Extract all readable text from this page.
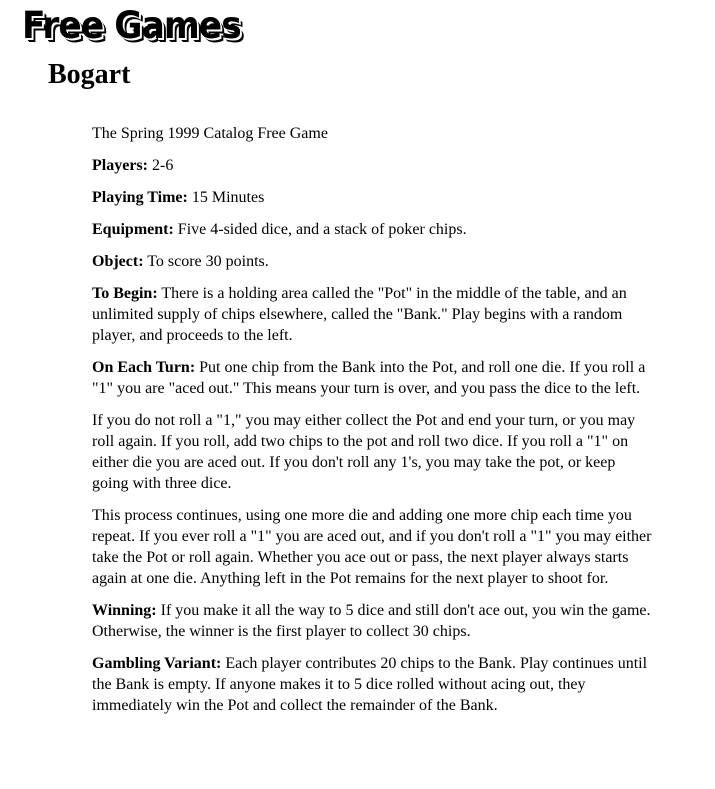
Free Games
Bogart

The Spring 1999 Catalog Free Game

Players: 2-6

Playing Time: 15 Minutes

Equipment: Five 4-sided dice, and a stack of poker chips.

Object: To score 30 points.

To Begin: There is a holding area called the "Pot" in the middle of the table, and an unlimited supply of chips elsewhere, called the "Bank." Play begins with a random player, and proceeds to the left.

On Each Turn: Put one chip from the Bank into the Pot, and roll one die. If you roll a "1" you are "aced out." This means your turn is over, and you pass the dice to the left.

If you do not roll a "1," you may either collect the Pot and end your turn, or you may roll again. If you roll, add two chips to the pot and roll two dice. If you roll a "1" on either die you are aced out. If you don't roll any 1's, you may take the pot, or keep going with three dice.

This process continues, using one more die and adding one more chip each time you repeat. If you ever roll a "1" you are aced out, and if you don't roll a "1" you may either take the Pot or roll again. Whether you ace out or pass, the next player always starts again at one die. Anything left in the Pot remains for the next player to shoot for.

Winning: If you make it all the way to 5 dice and still don't ace out, you win the game. Otherwise, the winner is the first player to collect 30 chips.

Gambling Variant: Each player contributes 20 chips to the Bank. Play continues until the Bank is empty. If anyone makes it to 5 dice rolled without acing out, they immediately win the Pot and collect the remainder of the Bank.
